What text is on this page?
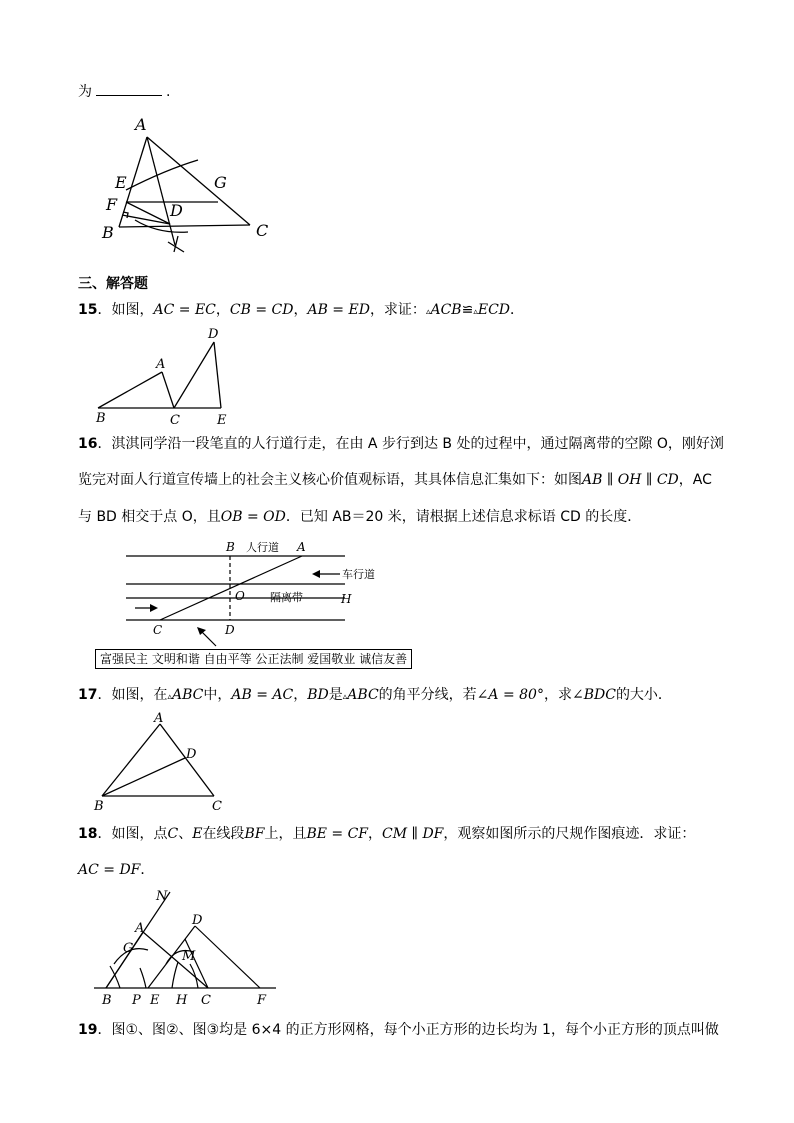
为	.
A
E	G
F	D
B	C
三、解答题
15．如图，AC = EC，CB = CD，AB = ED，求证：▵ACB≌▵ECD．
A
D
B	C	E
16．淇淇同学沿一段笔直的人行道行走，在由 A 步行到达 B 处的过程中，通过隔离带的空隙 O，刚好浏
览完对面人行道宣传墙上的社会主义核心价值观标语，其具体信息汇集如下：如图AB ∥ OH ∥ CD，AC
与 BD 相交于点 O，且OB = OD．已知 AB＝20 米，请根据上述信息求标语 CD 的长度．
B	A
O	H
C	D
人行道
车行道
隔离带
富强民主 文明和谐 自由平等 公正法制 爱国敬业 诚信友善
17．如图，在▵ABC中，AB = AC，BD是▵ABC的角平分线，若∠A = 80°，求∠BDC的大小．
A
D
B	C
18．如图，点C、E在线段BF上，且BE = CF，CM ∥ DF，观察如图所示的尺规作图痕迹．求证：
AC = DF．
N
D
A
G
M
B P E H C	F
19．图①、图②、图③均是 6×4 的正方形网格，每个小正方形的边长均为 1，每个小正方形的顶点叫做
